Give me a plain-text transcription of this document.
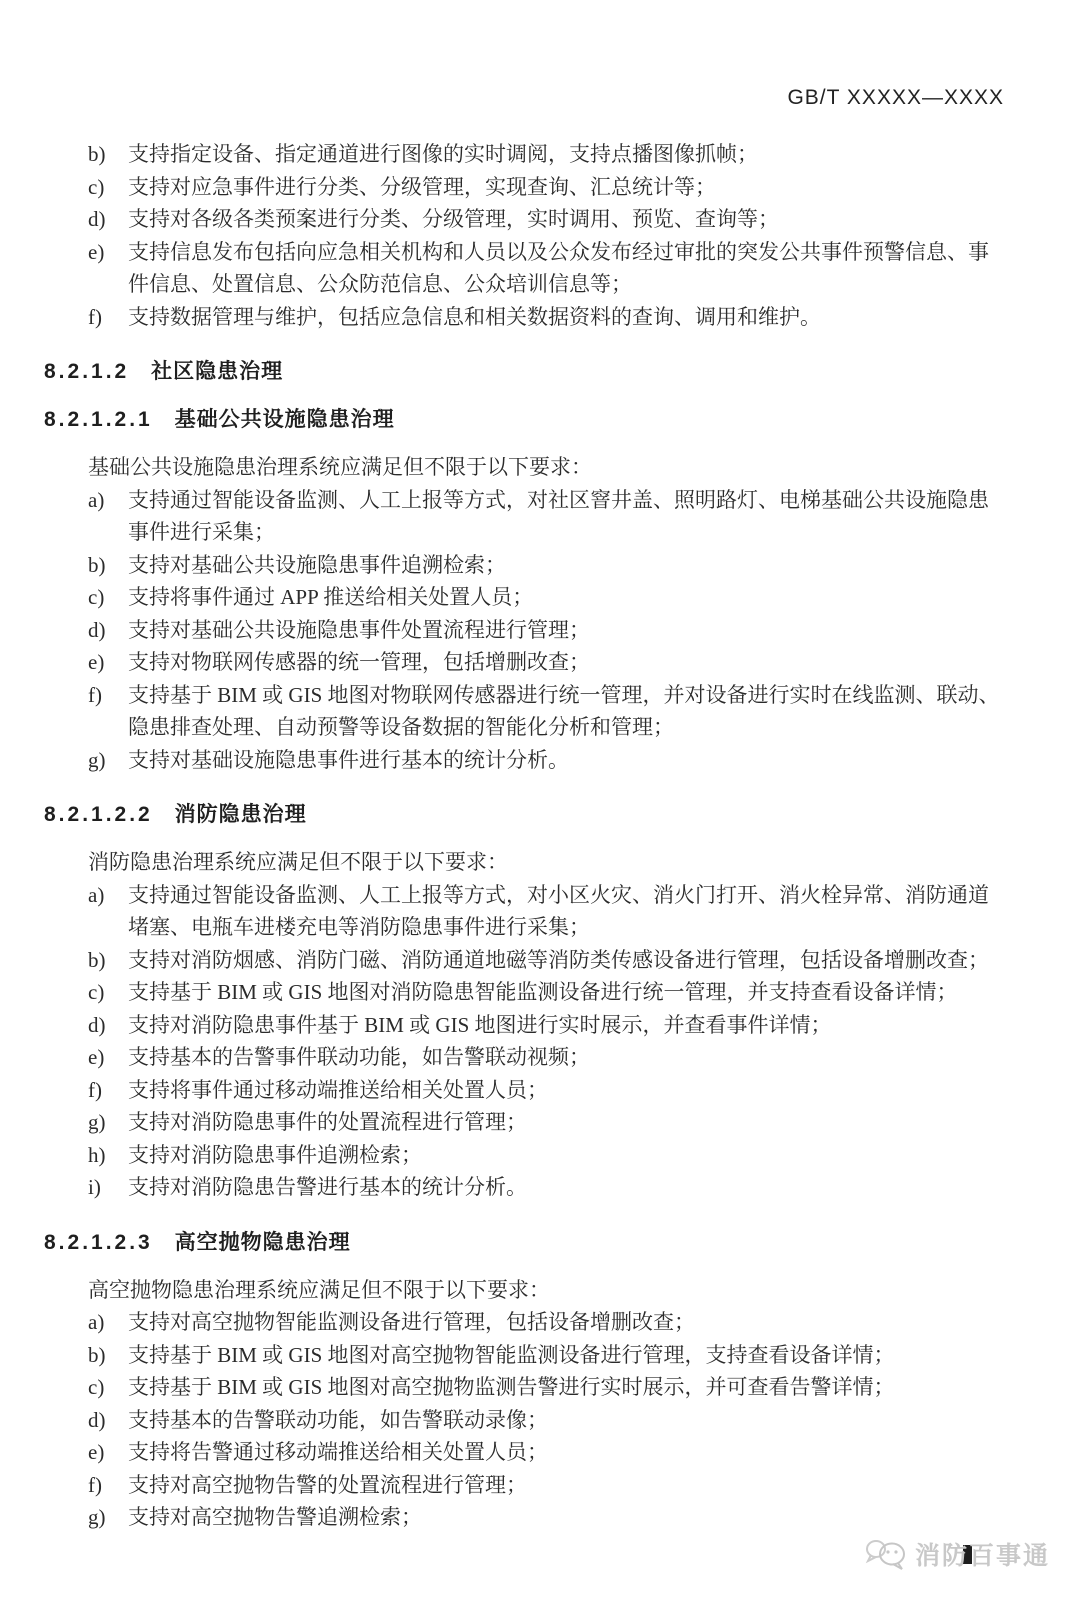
GB/T XXXXX—XXXX
b)	支持指定设备、指定通道进行图像的实时调阅，支持点播图像抓帧；
c)	支持对应急事件进行分类、分级管理，实现查询、汇总统计等；
d)	支持对各级各类预案进行分类、分级管理，实时调用、预览、查询等；
e)	支持信息发布包括向应急相关机构和人员以及公众发布经过审批的突发公共事件预警信息、事件信息、处置信息、公众防范信息、公众培训信息等；
f)	支持数据管理与维护，包括应急信息和相关数据资料的查询、调用和维护。
8.2.1.2 社区隐患治理
8.2.1.2.1 基础公共设施隐患治理

基础公共设施隐患治理系统应满足但不限于以下要求：

a)	支持通过智能设备监测、人工上报等方式，对社区窨井盖、照明路灯、电梯基础公共设施隐患事件进行采集；
b)	支持对基础公共设施隐患事件追溯检索；
c)	支持将事件通过 APP 推送给相关处置人员；
d)	支持对基础公共设施隐患事件处置流程进行管理；
e)	支持对物联网传感器的统一管理，包括增删改查；
f)	支持基于 BIM 或 GIS 地图对物联网传感器进行统一管理，并对设备进行实时在线监测、联动、隐患排查处理、自动预警等设备数据的智能化分析和管理；
g)	支持对基础设施隐患事件进行基本的统计分析。
8.2.1.2.2 消防隐患治理

消防隐患治理系统应满足但不限于以下要求：

a)	支持通过智能设备监测、人工上报等方式，对小区火灾、消火门打开、消火栓异常、消防通道堵塞、电瓶车进楼充电等消防隐患事件进行采集；
b)	支持对消防烟感、消防门磁、消防通道地磁等消防类传感设备进行管理，包括设备增删改查；
c)	支持基于 BIM 或 GIS 地图对消防隐患智能监测设备进行统一管理，并支持查看设备详情；
d)	支持对消防隐患事件基于 BIM 或 GIS 地图进行实时展示，并查看事件详情；
e)	支持基本的告警事件联动功能，如告警联动视频；
f)	支持将事件通过移动端推送给相关处置人员；
g)	支持对消防隐患事件的处置流程进行管理；
h)	支持对消防隐患事件追溯检索；
i)	支持对消防隐患告警进行基本的统计分析。
8.2.1.2.3 高空抛物隐患治理

高空抛物隐患治理系统应满足但不限于以下要求：

a)	支持对高空抛物智能监测设备进行管理，包括设备增删改查；
b)	支持基于 BIM 或 GIS 地图对高空抛物智能监测设备进行管理，支持查看设备详情；
c)	支持基于 BIM 或 GIS 地图对高空抛物监测告警进行实时展示，并可查看告警详情；
d)	支持基本的告警联动功能，如告警联动录像；
e)	支持将告警通过移动端推送给相关处置人员；
f)	支持对高空抛物告警的处置流程进行管理；
g)	支持对高空抛物告警追溯检索；
消防百事通
